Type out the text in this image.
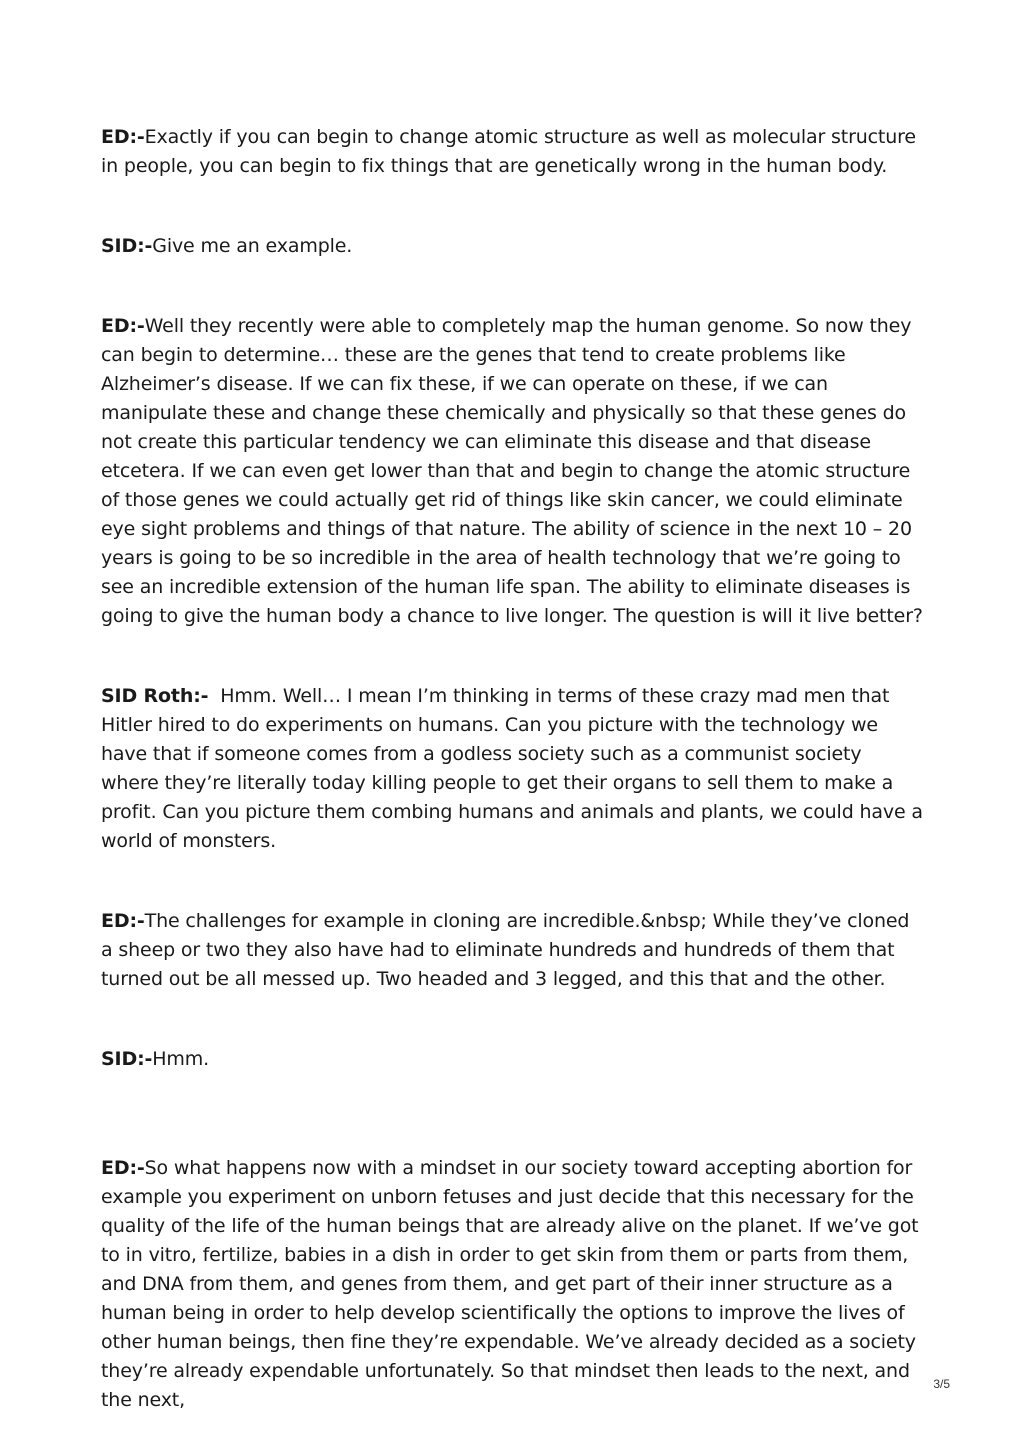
ED:-Exactly if you can begin to change atomic structure as well as molecular structure in people, you can begin to fix things that are genetically wrong in the human body.

SID:-Give me an example.

ED:-Well they recently were able to completely map the human genome. So now they can begin to determine… these are the genes that tend to create problems like Alzheimer’s disease. If we can fix these, if we can operate on these, if we can manipulate these and change these chemically and physically so that these genes do not create this particular tendency we can eliminate this disease and that disease etcetera. If we can even get lower than that and begin to change the atomic structure of those genes we could actually get rid of things like skin cancer, we could eliminate eye sight problems and things of that nature. The ability of science in the next 10 – 20 years is going to be so incredible in the area of health technology that we’re going to see an incredible extension of the human life span. The ability to eliminate diseases is going to give the human body a chance to live longer. The question is will it live better?

SID Roth:-  Hmm. Well… I mean I’m thinking in terms of these crazy mad men that Hitler hired to do experiments on humans. Can you picture with the technology we have that if someone comes from a godless society such as a communist society where they’re literally today killing people to get their organs to sell them to make a profit. Can you picture them combing humans and animals and plants, we could have a world of monsters.

ED:-The challenges for example in cloning are incredible.&nbsp; While they’ve cloned a sheep or two they also have had to eliminate hundreds and hundreds of them that turned out be all messed up. Two headed and 3 legged, and this that and the other.

SID:-Hmm.

ED:-So what happens now with a mindset in our society toward accepting abortion for example you experiment on unborn fetuses and just decide that this necessary for the quality of the life of the human beings that are already alive on the planet. If we’ve got to in vitro, fertilize, babies in a dish in order to get skin from them or parts from them, and DNA from them, and genes from them, and get part of their inner structure as a human being in order to help develop scientifically the options to improve the lives of other human beings, then fine they’re expendable. We’ve already decided as a society they’re already expendable unfortunately. So that mindset then leads to the next, and the next,

3/5
